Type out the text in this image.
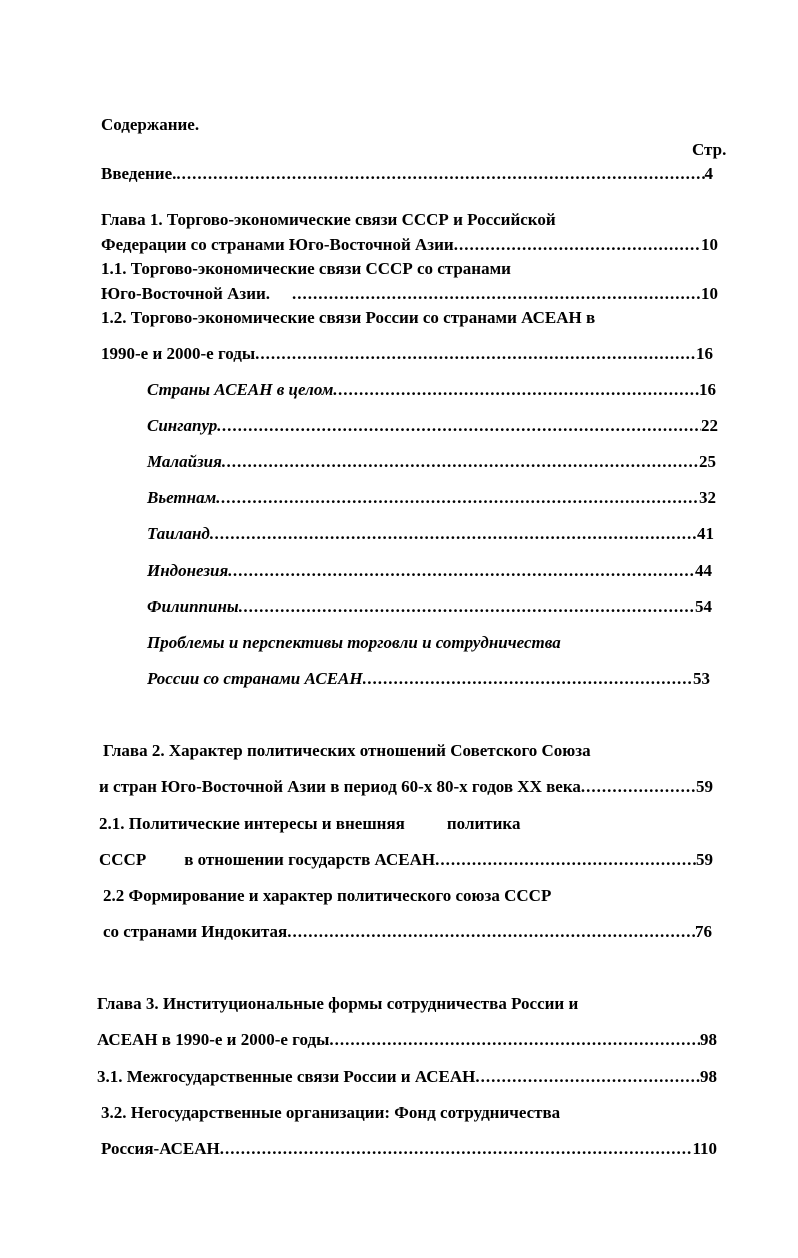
Содержание.
Стр.
Введение. .....	4
Глава 1. Торгово-экономические связи СССР и Российской
Федерации со странами Юго-Восточной Азии .....	10
1.1. Торгово-экономические связи СССР со странами
Юго-Восточной Азии. .....	10
1.2. Торгово-экономические связи России со странами АСЕАН в
1990-е и 2000-е годы .....	16
Страны АСЕАН в целом .....	16
Сингапур .....	22
Малайзия .....	25
Вьетнам .....	32
Таиланд .....	41
Индонезия .....	44
Филиппины .....	54
Проблемы и перспективы торговли и сотрудничества
России со странами АСЕАН .....	53
Глава 2. Характер политических отношений Советского Союза
и стран Юго-Восточной Азии в период 60-х 80-х годов XX века .....	59
2.1. Политические интересы и внешняя политика
СССР в отношении государств АСЕАН .....	59
2.2 Формирование и характер политического союза СССР
со странами Индокитая .....	76
Глава 3. Институциональные формы сотрудничества России и
АСЕАН в 1990-е и 2000-е годы .....	98
3.1. Межгосударственные связи России и АСЕАН .....	98
3.2. Негосударственные организации: Фонд сотрудничества
Россия-АСЕАН .....	110
